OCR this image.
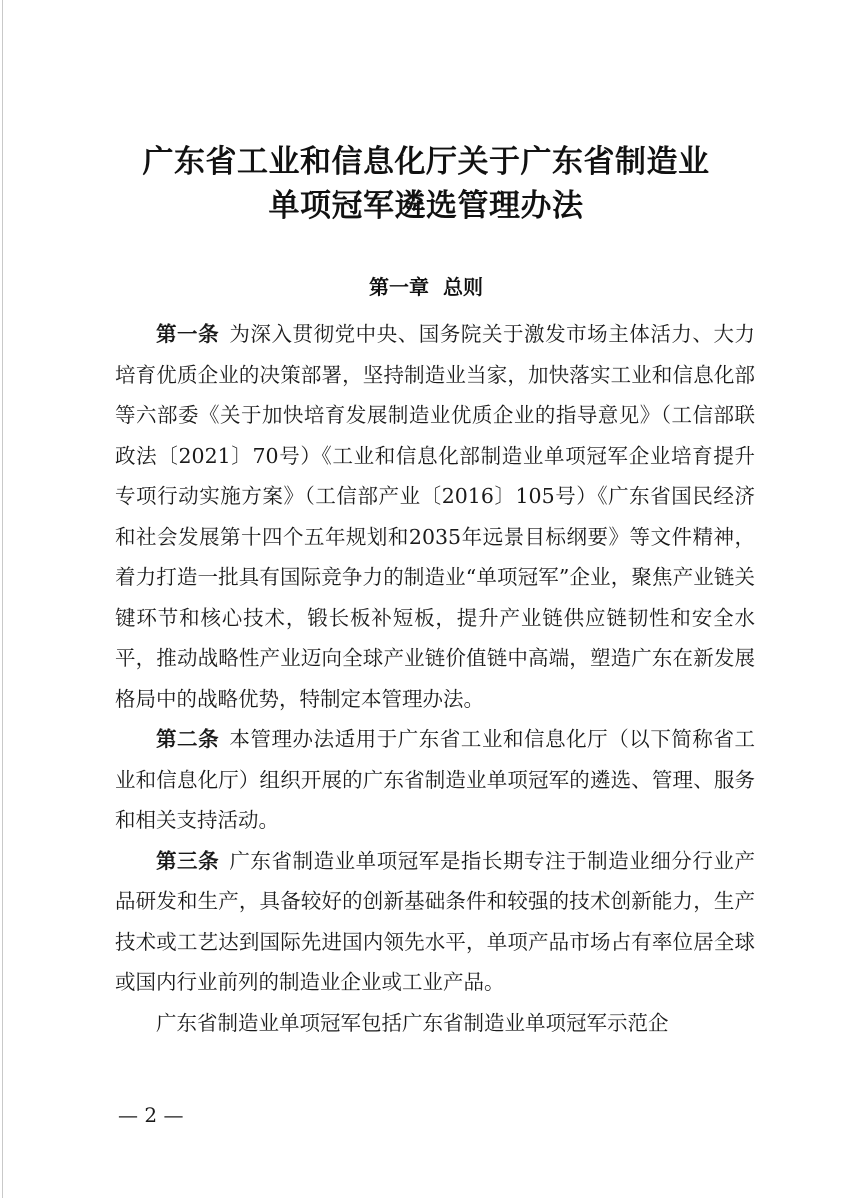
广东省工业和信息化厅关于广东省制造业
单项冠军遴选管理办法
第一章  总则

第一条 为深入贯彻党中央、国务院关于激发市场主体活力、大力培育优质企业的决策部署，坚持制造业当家，加快落实工业和信息化部等六部委《关于加快培育发展制造业优质企业的指导意见》（工信部联政法〔2021〕70号）《工业和信息化部制造业单项冠军企业培育提升专项行动实施方案》（工信部产业〔2016〕105号）《广东省国民经济和社会发展第十四个五年规划和2035年远景目标纲要》等文件精神，着力打造一批具有国际竞争力的制造业“单项冠军”企业，聚焦产业链关键环节和核心技术，锻长板补短板，提升产业链供应链韧性和安全水平，推动战略性产业迈向全球产业链价值链中高端，塑造广东在新发展格局中的战略优势，特制定本管理办法。

第二条 本管理办法适用于广东省工业和信息化厅（以下简称省工业和信息化厅）组织开展的广东省制造业单项冠军的遴选、管理、服务和相关支持活动。

第三条 广东省制造业单项冠军是指长期专注于制造业细分行业产品研发和生产，具备较好的创新基础条件和较强的技术创新能力，生产技术或工艺达到国际先进国内领先水平，单项产品市场占有率位居全球或国内行业前列的制造业企业或工业产品。

广东省制造业单项冠军包括广东省制造业单项冠军示范企

— 2 —
